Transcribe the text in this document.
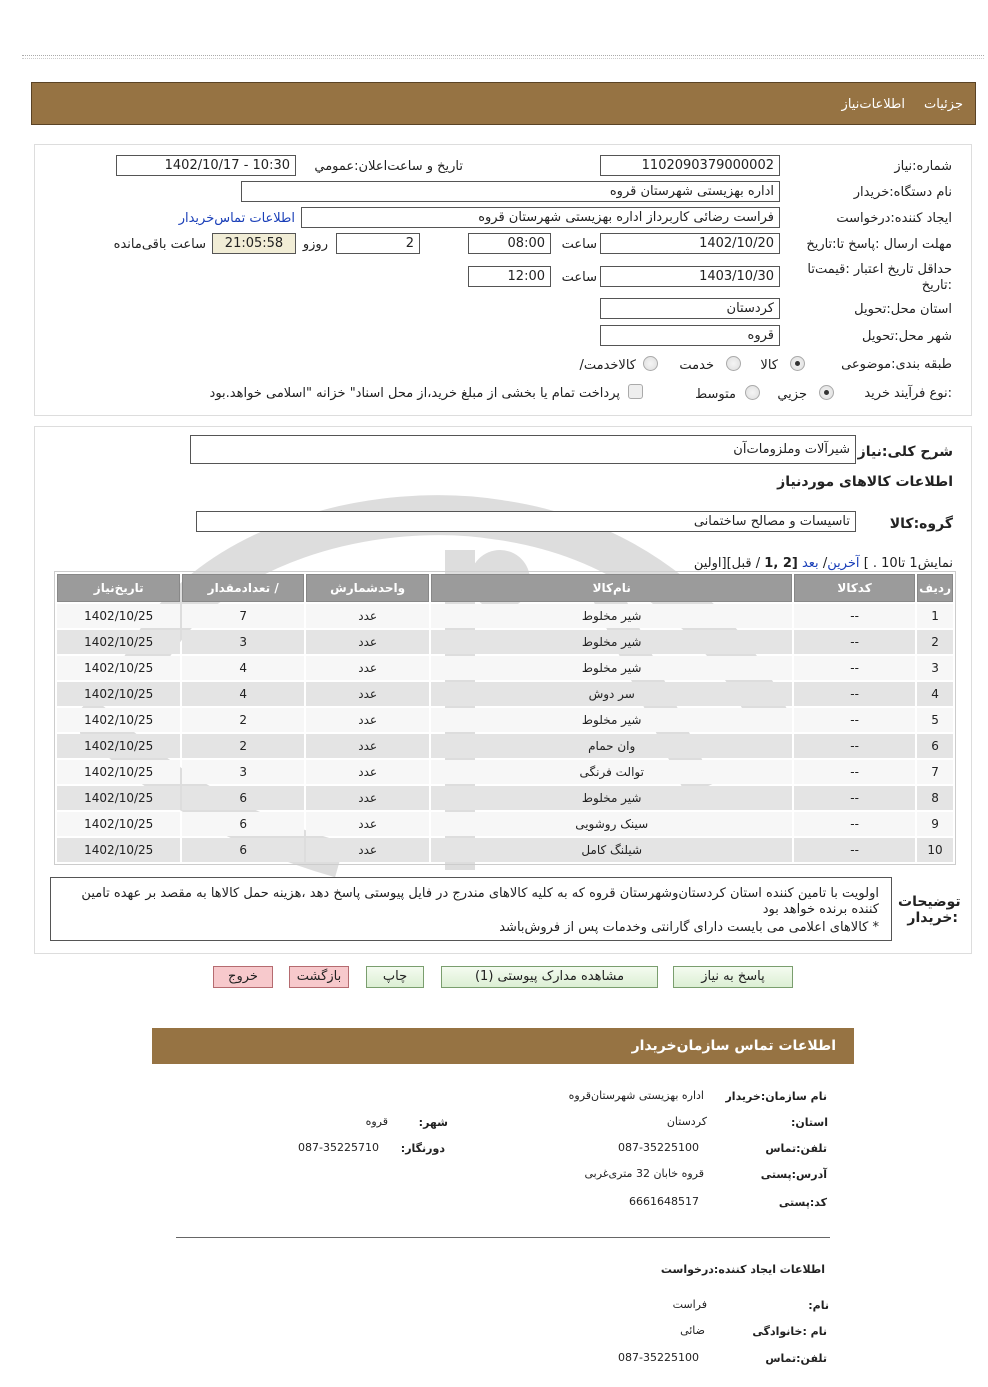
جزئیات
اطلاعات‌نیاز
شماره:نیاز
1102090379000002
تاریخ و ساعت‌اعلان:عمومي
1402/10/17 - 10:30
نام دستگاه:خریدار
اداره بهزیستی شهرستان قروه
ایجاد کننده:درخواست
فراست رضائی کاربرداز اداره بهزیستی شهرستان قروه
اطلاعات تماس‌خریدار
مهلت ارسال :پاسخ تا:تاریخ
1402/10/20
ساعت
08:00
2
روزو
21:05:58
ساعت باقی‌مانده
حداقل تاریخ اعتبار :قیمت‌تا تاریخ:
1403/10/30
ساعت
12:00
استان محل:تحویل
کردستان
شهر محل:تحویل
قروه
طبقه بندی:موضوعی
کالا
خدمت
/کالاخدمت
نوع فرآیند:
خرید
جزیي
متوسط
پرداخت تمام یا بخشی از مبلغ خرید،از محل اسناد" خزانه "اسلامی خواهد.بود
شرح کلی:نیاز
شیرآلات وملزومات‌آن
اطلاعات کالاهای موردنیاز
گروه:کالا
تاسیسات و مصالح ساختمانی
نمایش1 تا10 . ] آخرین/ بعد [2 ,1 / قبل][اولین
ردیف	کدکالا	نام‌کالا	واحدشمارش	/ تعدادمقدار	تاریخ‌نیاز
1	--	شیر مخلوط	عدد	7	1402/10/25
2	--	شیر مخلوط	عدد	3	1402/10/25
3	--	شیر مخلوط	عدد	4	1402/10/25
4	--	سر دوش	عدد	4	1402/10/25
5	--	شیر مخلوط	عدد	2	1402/10/25
6	--	وان حمام	عدد	2	1402/10/25
7	--	توالت فرنگی	عدد	3	1402/10/25
8	--	شیر مخلوط	عدد	6	1402/10/25
9	--	سینک روشویی	عدد	6	1402/10/25
10	--	شیلنگ کامل	عدد	6	1402/10/25
اولویت با تامین کننده استان کردستان‌وشهرستان قروه که به کلیه کالاهای مندرج در فایل پیوستی پاسخ دهد ،هزینه حمل کالاها به مقصد بر عهده تامین کننده برنده خواهد بود
* کالاهای اعلامی می بایست دارای گارانتی وخدمات پس از فروش‌باشد
توضیحات :خریدار
پاسخ به نیاز
مشاهده مدارک پیوستی (1)
چاپ
بازگشت
خروج
اطلاعات تماس سازمان‌خریدار
نام سازمان:خریدار
اداره بهزیستی شهرستان‌قروه
:استان
کردستان
:شهر
قروه
تلفن:تماس
087-35225100
:دورنگار
087-35225710
آدرس:پستی
قروه خابان 32 متری‌غربی
کد:پستی
6661648517
اطلاعات ایجاد کننده:درخواست
:نام
فراست
نام :خانوادگی
ضائی
تلفن:تماس
087-35225100
